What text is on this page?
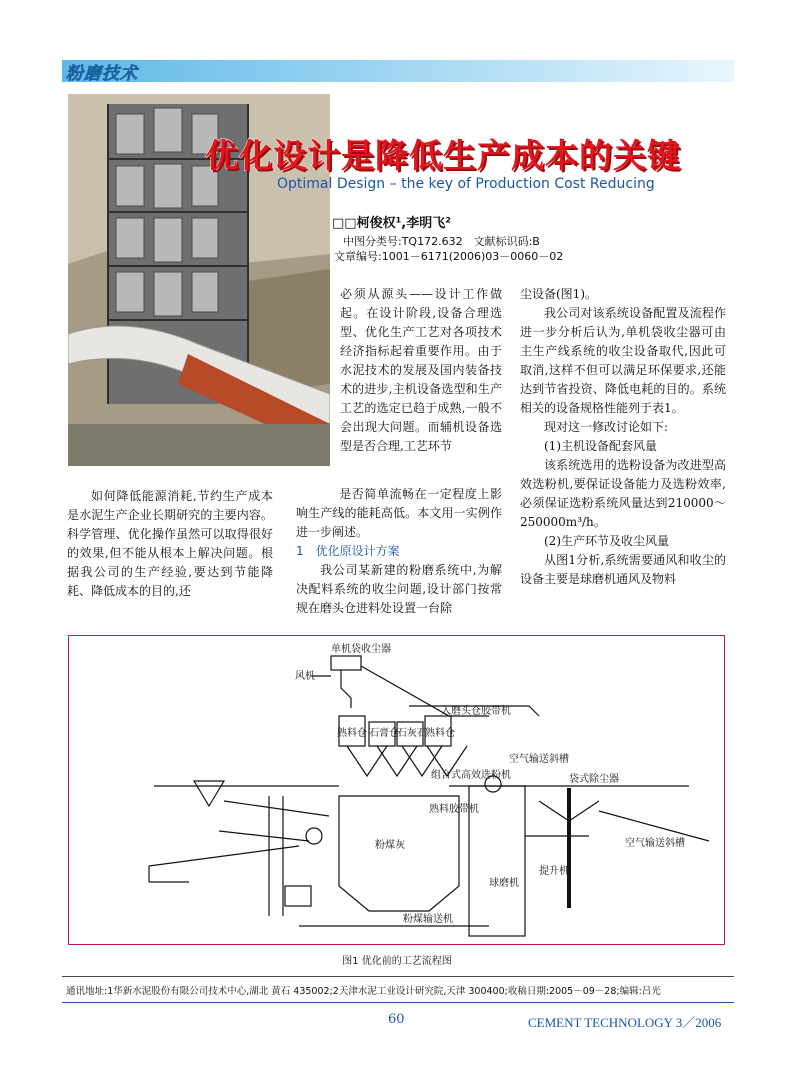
粉磨技术
优化设计是降低生产成本的关键
Optimal Design – the key of Production Cost Reducing
□□柯俊权¹,李明飞²
中图分类号:TQ172.632　文献标识码:B
文章编号:1001－6171(2006)03－0060－02

必须从源头——设计工作做起。在设计阶段,设备合理选型、优化生产工艺对各项技术经济指标起着重要作用。由于水泥技术的发展及国内装备技术的进步,主机设备选型和生产工艺的选定已趋于成熟,一般不会出现大问题。而辅机设备选型是否合理,工艺环节

是否简单流畅在一定程度上影响生产线的能耗高低。本文用一实例作进一步阐述。

1　优化原设计方案

我公司某新建的粉磨系统中,为解决配料系统的收尘问题,设计部门按常规在磨头仓进料处设置一台除

如何降低能源消耗,节约生产成本是水泥生产企业长期研究的主要内容。科学管理、优化操作虽然可以取得很好的效果,但不能从根本上解决问题。根据我公司的生产经验,要达到节能降耗、降低成本的目的,还

尘设备(图1)。

我公司对该系统设备配置及流程作进一步分析后认为,单机袋收尘器可由主生产线系统的收尘设备取代,因此可取消,这样不但可以满足环保要求,还能达到节省投资、降低电耗的目的。系统相关的设备规格性能列于表1。

现对这一修改讨论如下:

(1)主机设备配套风量

该系统选用的选粉设备为改进型高效选粉机,要保证设备能力及选粉效率,必须保证选粉系统风量达到210000～250000m³/h。

(2)生产环节及收尘风量

从图1分析,系统需要通风和收尘的设备主要是球磨机通风及物料

风机
单机袋收尘器
入磨头仓胶带机
熟料仓 石膏仓
石灰石
熟料仓
空气输送斜槽
组合式高效选粉机	袋式除尘器
熟料胶带机
粉煤灰	空气输送斜槽
球磨机
提升机
粉煤输送机
图1 优化前的工艺流程图
通讯地址:1华新水泥股份有限公司技术中心,湖北 黄石 435002;2天津水泥工业设计研究院,天津 300400;收稿日期:2005－09－28;编辑:吕光
60	CEMENT TECHNOLOGY 3／2006
